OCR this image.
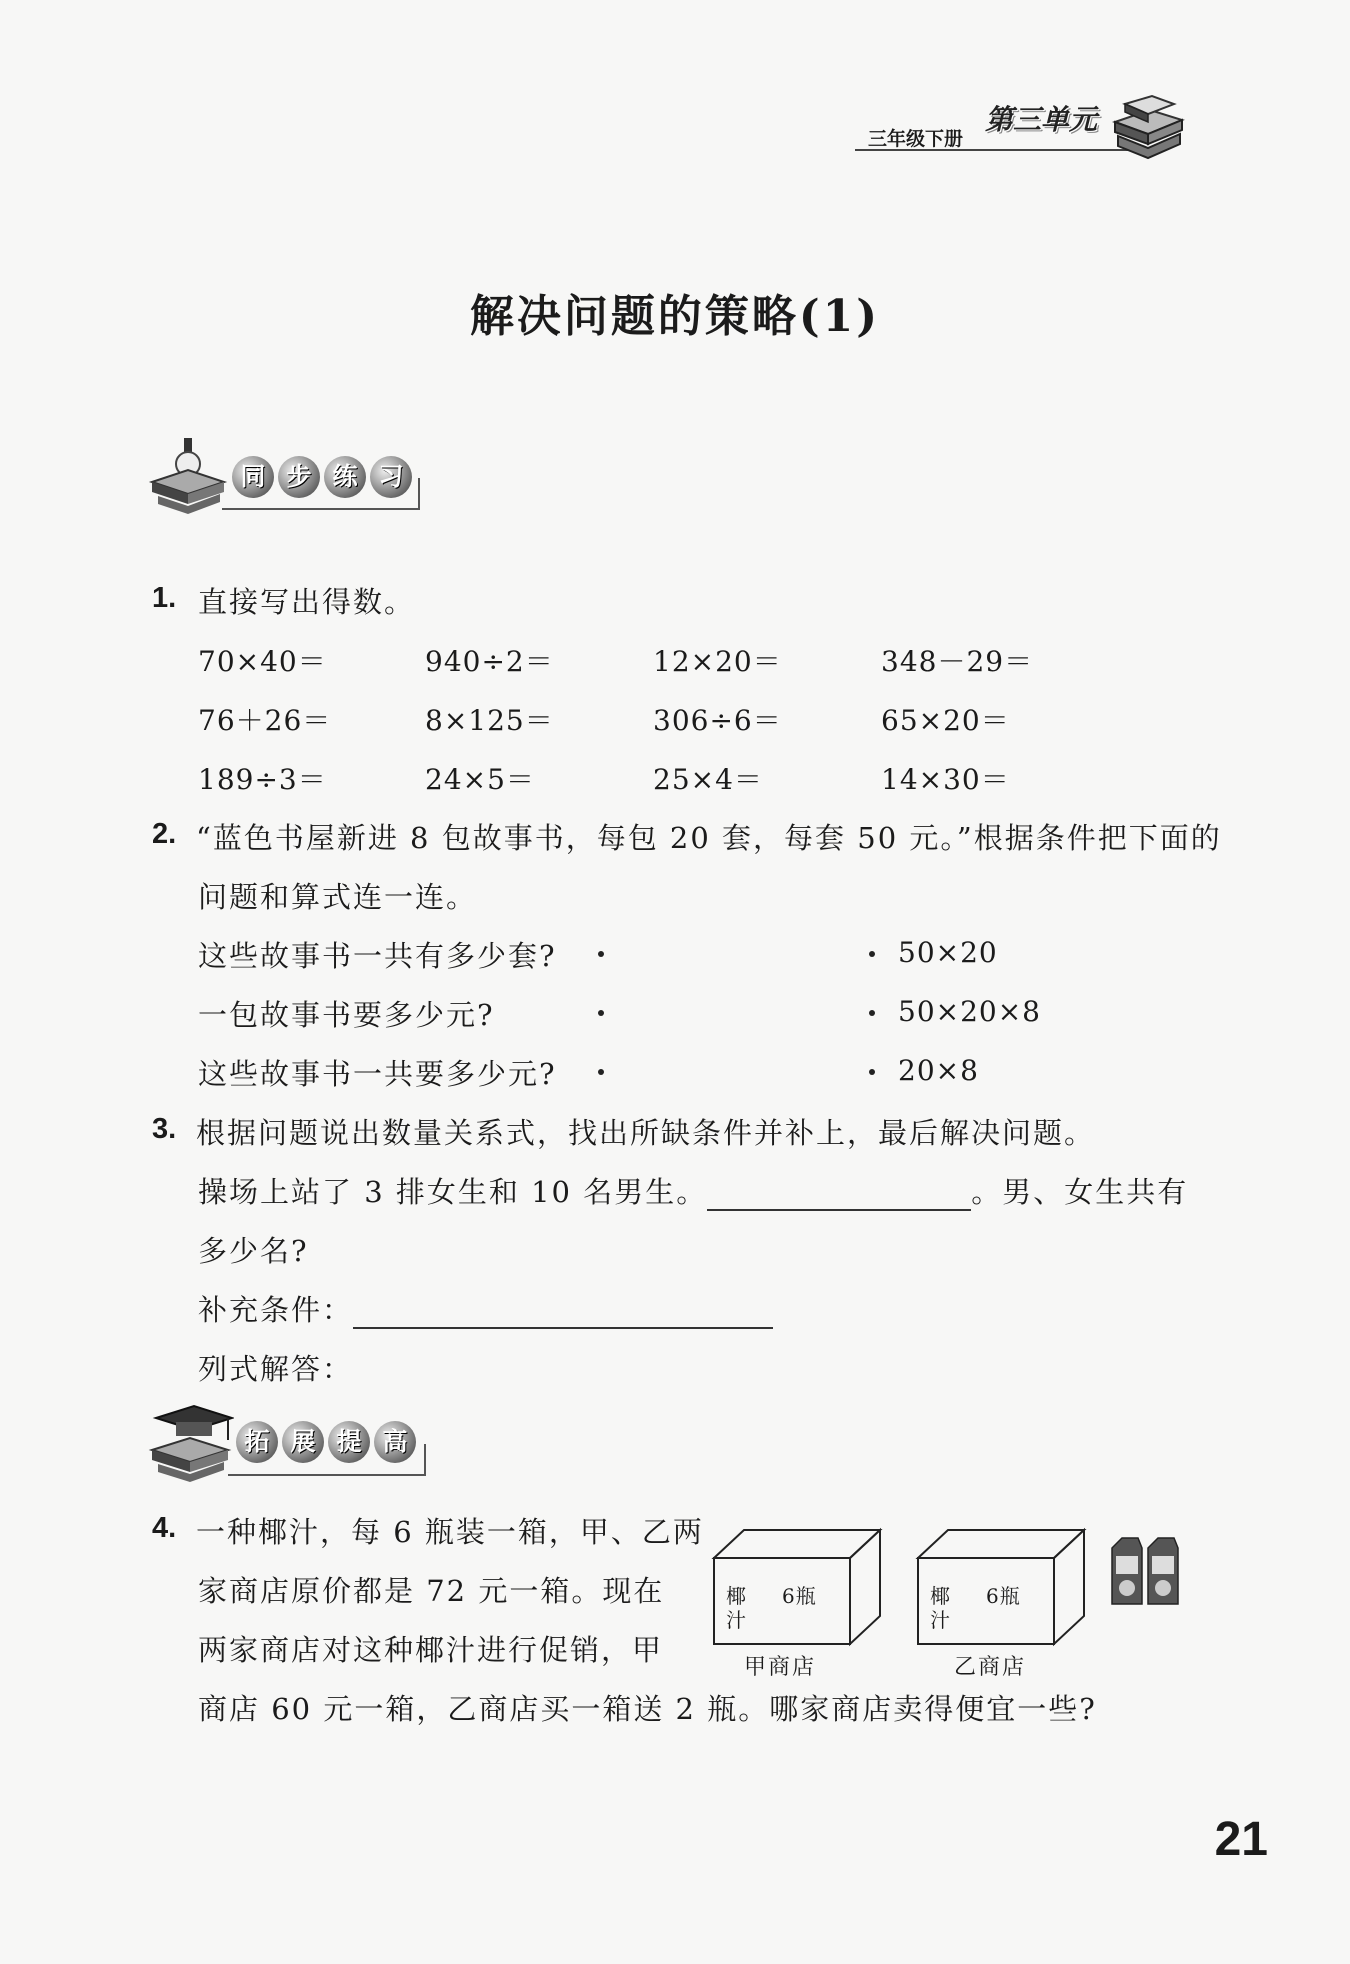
三年级下册
第三单元
解决问题的策略(1)
同 步 练 习
1. 直接写出得数。
70×40＝	940÷2＝	12×20＝	348－29＝
76＋26＝	8×125＝	306÷6＝	65×20＝
189÷3＝	24×5＝	25×4＝	14×30＝
2. “蓝色书屋新进 8 包故事书，每包 20 套，每套 50 元。”根据条件把下面的
问题和算式连一连。
这些故事书一共有多少套?
一包故事书要多少元?
这些故事书一共要多少元?
50×20
50×20×8
20×8
3. 根据问题说出数量关系式，找出所缺条件并补上，最后解决问题。
操场上站了 3 排女生和 10 名男生。	。男、女生共有
多少名?
补充条件：
列式解答：
拓 展 提 高
4. 一种椰汁，每 6 瓶装一箱，甲、乙两
家商店原价都是 72 元一箱。现在
两家商店对这种椰汁进行促销，甲
商店 60 元一箱，乙商店买一箱送 2 瓶。哪家商店卖得便宜一些?
椰
汁
6瓶
甲商店
椰
汁
6瓶
乙商店
21
